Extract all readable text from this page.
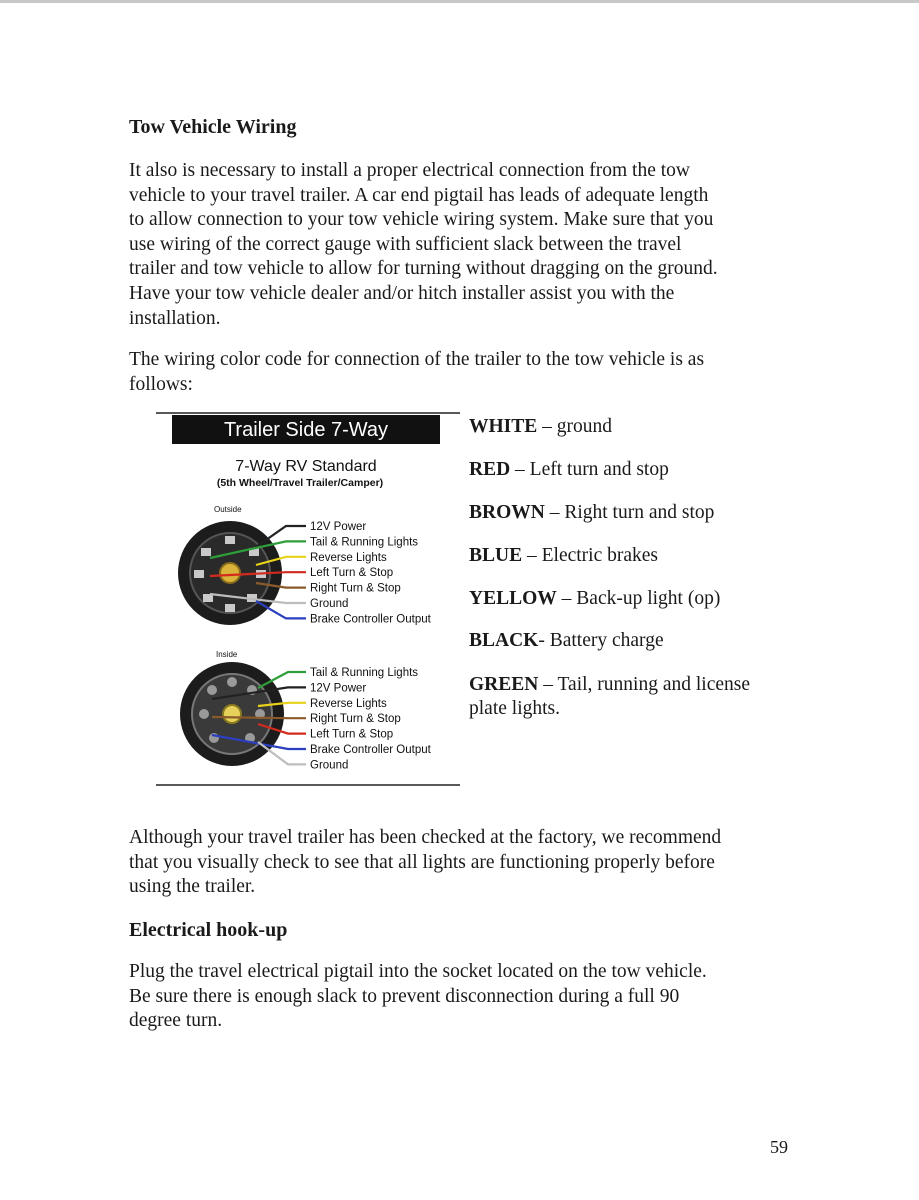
Tow Vehicle Wiring

It also is necessary to install a proper electrical connection from the tow
vehicle to your travel trailer. A car end pigtail has leads of adequate length
to allow connection to your tow vehicle wiring system. Make sure that you
use wiring of the correct gauge with sufficient slack between the travel
trailer and tow vehicle to allow for turning without dragging on the ground.
Have your tow vehicle dealer and/or hitch installer assist you with the
installation.

The wiring color code for connection of the trailer to the tow vehicle is as
follows:

Trailer Side 7-Way
7-Way RV Standard
(5th Wheel/Travel Trailer/Camper)
Outside
12V Power
Tail & Running Lights
Reverse Lights
Left Turn & Stop
Right Turn & Stop
Ground
Brake Controller Output
Inside
Tail & Running Lights
12V Power
Reverse Lights
Right Turn & Stop
Left Turn & Stop
Brake Controller Output
Ground
WHITE – ground
RED – Left turn and stop
BROWN – Right turn and stop
BLUE – Electric brakes
YELLOW – Back-up light (op)
BLACK- Battery charge
GREEN – Tail, running and license
plate lights.

Although your travel trailer has been checked at the factory, we recommend
that you visually check to see that all lights are functioning properly before
using the trailer.

Electrical hook-up

Plug the travel electrical pigtail into the socket located on the tow vehicle.
Be sure there is enough slack to prevent disconnection during a full 90
degree turn.

59
